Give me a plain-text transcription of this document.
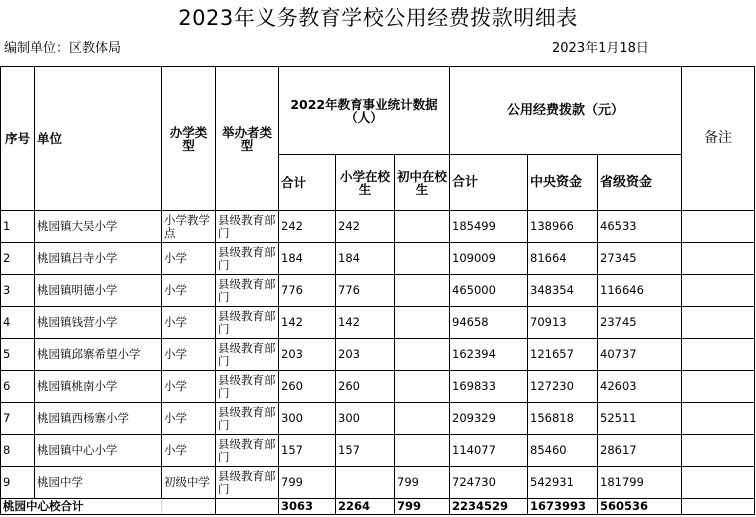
2023年义务教育学校公用经费拨款明细表
编制单位：区教体局	2023年1月18日
序号	单位	办学类型	举办者类型	2022年教育事业统计数据（人）			公用经费拨款（元）			备注
				合计	小学在校生	初中在校生	合计	中央资金	省级资金	
1	桃园镇大吴小学	小学教学点	县级教育部门	242	242		185499	138966	46533	
2	桃园镇吕寺小学	小学	县级教育部门	184	184		109009	81664	27345	
3	桃园镇明德小学	小学	县级教育部门	776	776		465000	348354	116646	
4	桃园镇钱营小学	小学	县级教育部门	142	142		94658	70913	23745	
5	桃园镇邱寨希望小学	小学	县级教育部门	203	203		162394	121657	40737	
6	桃园镇桃南小学	小学	县级教育部门	260	260		169833	127230	42603	
7	桃园镇西杨寨小学	小学	县级教育部门	300	300		209329	156818	52511	
8	桃园镇中心小学	小学	县级教育部门	157	157		114077	85460	28617	
9	桃园中学	初级中学	县级教育部门	799		799	724730	542931	181799	
桃园中心校合计				3063	2264	799	2234529	1673993	560536	
